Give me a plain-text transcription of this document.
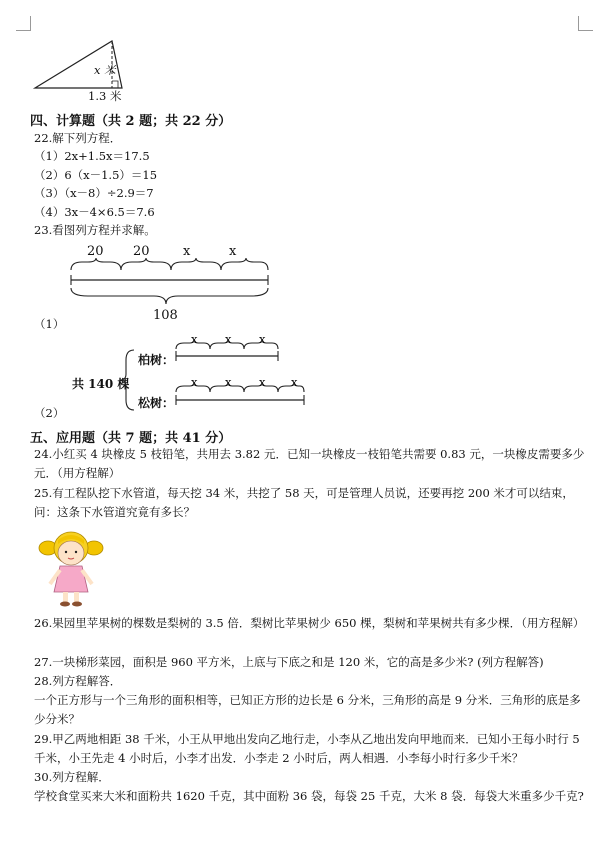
x 米
1.3 米
四、计算题（共 2 题；共 22 分）
22.解下列方程．
（1）2x+1.5x＝17.5
（2）6（x－1.5）＝15
（3）（x－8）÷2.9＝7
（4）3x－4×6.5＝7.6
23.看图列方程并求解。
20 20	x	x
108
（1）
共 140 棵
x x x
柏树：
x x x x
松树：
（2）
五、应用题（共 7 题；共 41 分）
24.小红买 4 块橡皮 5 枝铅笔，共用去 3.82 元．已知一块橡皮一枝铅笔共需要 0.83 元，一块橡皮需要多少元．（用方程解）
25.有工程队挖下水管道，每天挖 34 米，共挖了 58 天，可是管理人员说，还要再挖 200 米才可以结束，问：这条下水管道究竟有多长？
26.果园里苹果树的棵数是梨树的 3.5 倍．梨树比苹果树少 650 棵，梨树和苹果树共有多少棵．（用方程解）
27.一块梯形菜园，面积是 960 平方米，上底与下底之和是 120 米，它的高是多少米? (列方程解答)
28.列方程解答．
一个正方形与一个三角形的面积相等，已知正方形的边长是 6 分米，三角形的高是 9 分米．三角形的底是多少分米？
29.甲乙两地相距 38 千米，小王从甲地出发向乙地行走，小李从乙地出发向甲地而来．已知小王每小时行 5 千米，小王先走 4 小时后，小李才出发．小李走 2 小时后，两人相遇．小李每小时行多少千米？
30.列方程解．
学校食堂买来大米和面粉共 1620 千克，其中面粉 36 袋，每袋 25 千克，大米 8 袋．每袋大米重多少千克?
